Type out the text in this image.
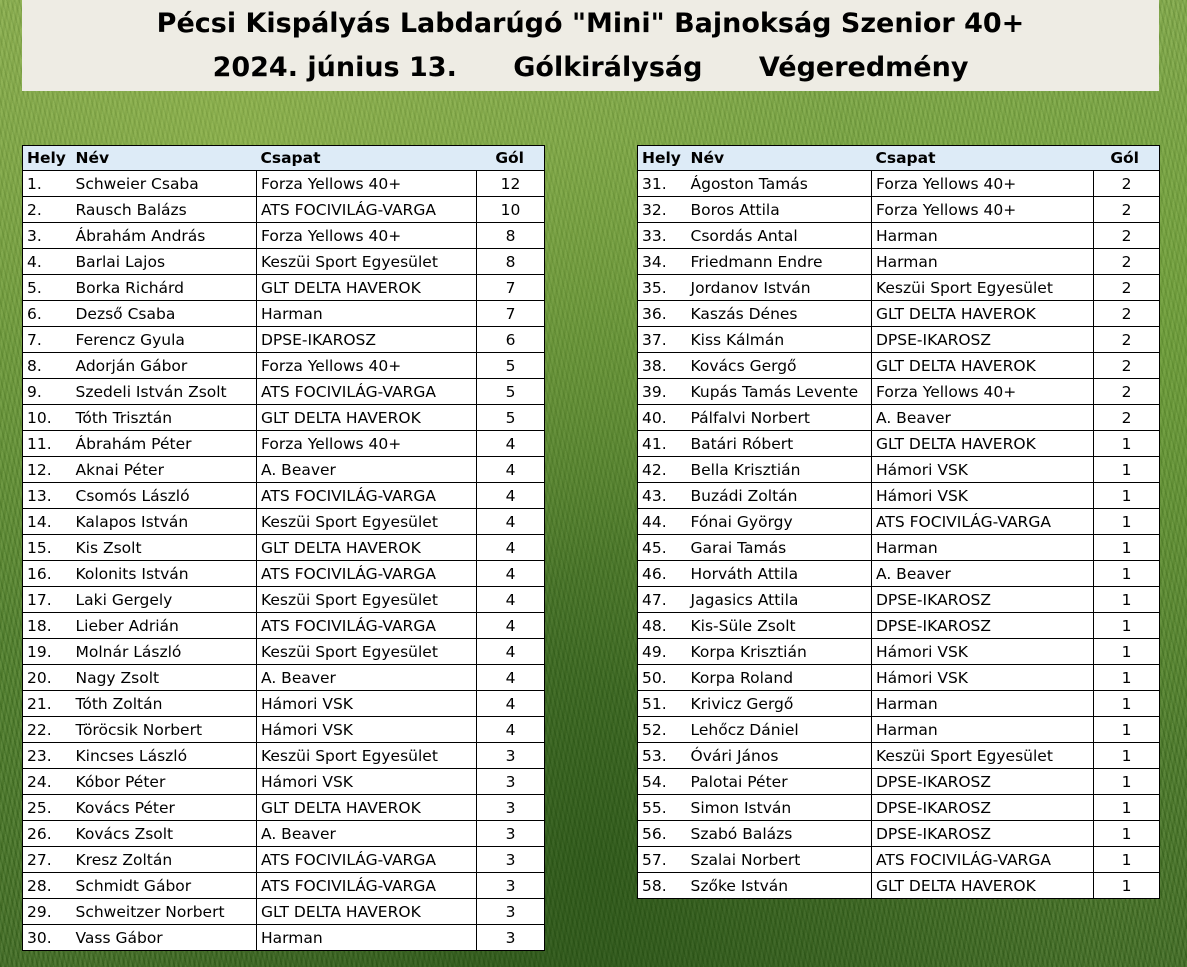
Pécsi Kispályás Labdarúgó "Mini" Bajnokság Szenior 40+
2024. június 13. Gólkirályság Végeredmény
Hely	Név	Csapat	Gól
1.	Schweier Csaba	Forza Yellows 40+	12
2.	Rausch Balázs	ATS FOCIVILÁG-VARGA	10
3.	Ábrahám András	Forza Yellows 40+	8
4.	Barlai Lajos	Keszüi Sport Egyesület	8
5.	Borka Richárd	GLT DELTA HAVEROK	7
6.	Dezső Csaba	Harman	7
7.	Ferencz Gyula	DPSE-IKAROSZ	6
8.	Adorján Gábor	Forza Yellows 40+	5
9.	Szedeli István Zsolt	ATS FOCIVILÁG-VARGA	5
10.	Tóth Trisztán	GLT DELTA HAVEROK	5
11.	Ábrahám Péter	Forza Yellows 40+	4
12.	Aknai Péter	A. Beaver	4
13.	Csomós László	ATS FOCIVILÁG-VARGA	4
14.	Kalapos István	Keszüi Sport Egyesület	4
15.	Kis Zsolt	GLT DELTA HAVEROK	4
16.	Kolonits István	ATS FOCIVILÁG-VARGA	4
17.	Laki Gergely	Keszüi Sport Egyesület	4
18.	Lieber Adrián	ATS FOCIVILÁG-VARGA	4
19.	Molnár László	Keszüi Sport Egyesület	4
20.	Nagy Zsolt	A. Beaver	4
21.	Tóth Zoltán	Hámori VSK	4
22.	Töröcsik Norbert	Hámori VSK	4
23.	Kincses László	Keszüi Sport Egyesület	3
24.	Kóbor Péter	Hámori VSK	3
25.	Kovács Péter	GLT DELTA HAVEROK	3
26.	Kovács Zsolt	A. Beaver	3
27.	Kresz Zoltán	ATS FOCIVILÁG-VARGA	3
28.	Schmidt Gábor	ATS FOCIVILÁG-VARGA	3
29.	Schweitzer Norbert	GLT DELTA HAVEROK	3
30.	Vass Gábor	Harman	3
Hely	Név	Csapat	Gól
31.	Ágoston Tamás	Forza Yellows 40+	2
32.	Boros Attila	Forza Yellows 40+	2
33.	Csordás Antal	Harman	2
34.	Friedmann Endre	Harman	2
35.	Jordanov István	Keszüi Sport Egyesület	2
36.	Kaszás Dénes	GLT DELTA HAVEROK	2
37.	Kiss Kálmán	DPSE-IKAROSZ	2
38.	Kovács Gergő	GLT DELTA HAVEROK	2
39.	Kupás Tamás Levente	Forza Yellows 40+	2
40.	Pálfalvi Norbert	A. Beaver	2
41.	Batári Róbert	GLT DELTA HAVEROK	1
42.	Bella Krisztián	Hámori VSK	1
43.	Buzádi Zoltán	Hámori VSK	1
44.	Fónai György	ATS FOCIVILÁG-VARGA	1
45.	Garai Tamás	Harman	1
46.	Horváth Attila	A. Beaver	1
47.	Jagasics Attila	DPSE-IKAROSZ	1
48.	Kis-Süle Zsolt	DPSE-IKAROSZ	1
49.	Korpa Krisztián	Hámori VSK	1
50.	Korpa Roland	Hámori VSK	1
51.	Krivicz Gergő	Harman	1
52.	Lehőcz Dániel	Harman	1
53.	Óvári János	Keszüi Sport Egyesület	1
54.	Palotai Péter	DPSE-IKAROSZ	1
55.	Simon István	DPSE-IKAROSZ	1
56.	Szabó Balázs	DPSE-IKAROSZ	1
57.	Szalai Norbert	ATS FOCIVILÁG-VARGA	1
58.	Szőke István	GLT DELTA HAVEROK	1
